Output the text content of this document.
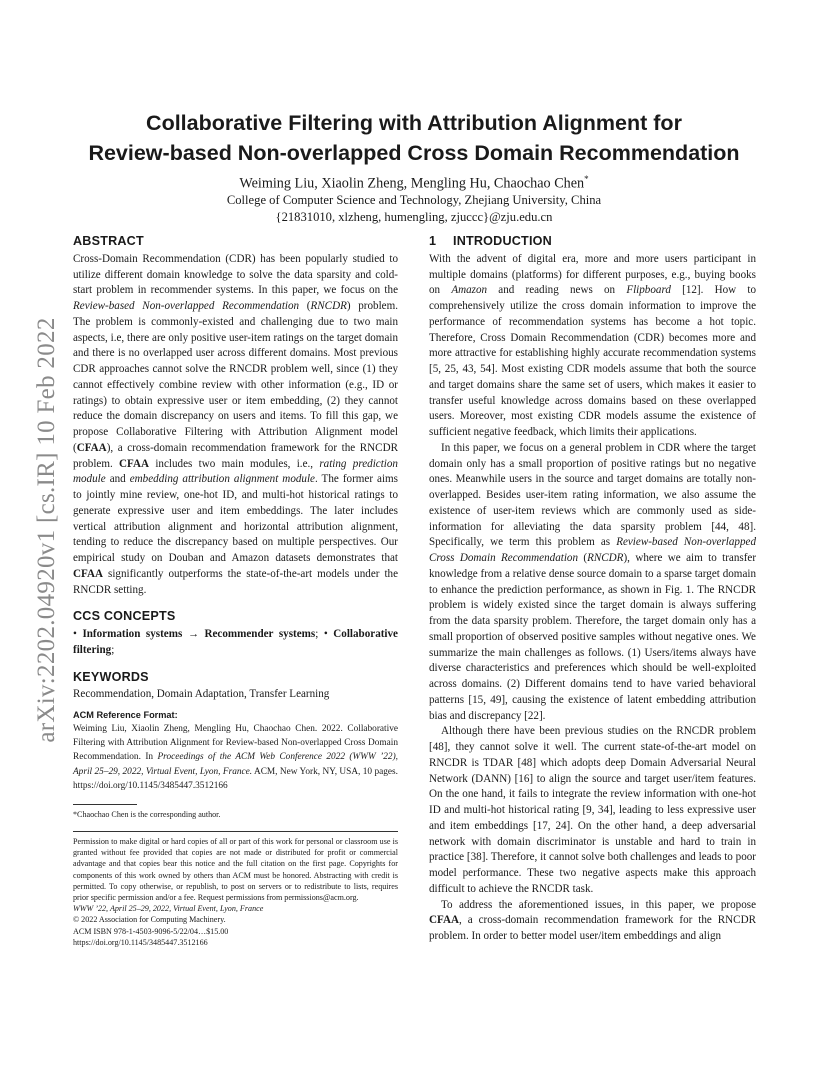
arXiv:2202.04920v1 [cs.IR] 10 Feb 2022
Collaborative Filtering with Attribution Alignment for
Review-based Non-overlapped Cross Domain Recommendation

Weiming Liu, Xiaolin Zheng, Mengling Hu, Chaochao Chen*

College of Computer Science and Technology, Zhejiang University, China
{21831010, xlzheng, humengling, zjuccc}@zju.edu.cn

ABSTRACT

Cross-Domain Recommendation (CDR) has been popularly studied to utilize different domain knowledge to solve the data sparsity and cold-start problem in recommender systems. In this paper, we focus on the Review-based Non-overlapped Recommendation (RNCDR) problem. The problem is commonly-existed and challenging due to two main aspects, i.e, there are only positive user-item ratings on the target domain and there is no overlapped user across different domains. Most previous CDR approaches cannot solve the RNCDR problem well, since (1) they cannot effectively combine review with other information (e.g., ID or ratings) to obtain expressive user or item embedding, (2) they cannot reduce the domain discrepancy on users and items. To fill this gap, we propose Collaborative Filtering with Attribution Alignment model (CFAA), a cross-domain recommendation framework for the RNCDR problem. CFAA includes two main modules, i.e., rating prediction module and embedding attribution alignment module. The former aims to jointly mine review, one-hot ID, and multi-hot historical ratings to generate expressive user and item embeddings. The later includes vertical attribution alignment and horizontal attribution alignment, tending to reduce the discrepancy based on multiple perspectives. Our empirical study on Douban and Amazon datasets demonstrates that CFAA significantly outperforms the state-of-the-art models under the RNCDR setting.

CCS CONCEPTS

• Information systems → Recommender systems; • Collaborative filtering;

KEYWORDS

Recommendation, Domain Adaptation, Transfer Learning

ACM Reference Format:

Weiming Liu, Xiaolin Zheng, Mengling Hu, Chaochao Chen. 2022. Collaborative Filtering with Attribution Alignment for Review-based Non-overlapped Cross Domain Recommendation. In Proceedings of the ACM Web Conference 2022 (WWW ’22), April 25–29, 2022, Virtual Event, Lyon, France. ACM, New York, NY, USA, 10 pages. https://doi.org/10.1145/3485447.3512166

*Chaochao Chen is the corresponding author.

Permission to make digital or hard copies of all or part of this work for personal or classroom use is granted without fee provided that copies are not made or distributed for profit or commercial advantage and that copies bear this notice and the full citation on the first page. Copyrights for components of this work owned by others than ACM must be honored. Abstracting with credit is permitted. To copy otherwise, or republish, to post on servers or to redistribute to lists, requires prior specific permission and/or a fee. Request permissions from permissions@acm.org.

WWW ’22, April 25–29, 2022, Virtual Event, Lyon, France

© 2022 Association for Computing Machinery.

ACM ISBN 978-1-4503-9096-5/22/04…$15.00

https://doi.org/10.1145/3485447.3512166

1 INTRODUCTION

With the advent of digital era, more and more users participant in multiple domains (platforms) for different purposes, e.g., buying books on Amazon and reading news on Flipboard [12]. How to comprehensively utilize the cross domain information to improve the performance of recommendation systems has become a hot topic. Therefore, Cross Domain Recommendation (CDR) becomes more and more attractive for establishing highly accurate recommendation systems [5, 25, 43, 54]. Most existing CDR models assume that both the source and target domains share the same set of users, which makes it easier to transfer useful knowledge across domains based on these overlapped users. Moreover, most existing CDR models assume the existence of sufficient negative feedback, which limits their applications.

In this paper, we focus on a general problem in CDR where the target domain only has a small proportion of positive ratings but no negative ones. Meanwhile users in the source and target domains are totally non-overlapped. Besides user-item rating information, we also assume the existence of user-item reviews which are commonly used as side-information for alleviating the data sparsity problem [44, 48]. Specifically, we term this problem as Review-based Non-overlapped Cross Domain Recommendation (RNCDR), where we aim to transfer knowledge from a relative dense source domain to a sparse target domain to enhance the prediction performance, as shown in Fig. 1. The RNCDR problem is widely existed since the target domain is always suffering from the data sparsity problem. Therefore, the target domain only has a small proportion of observed positive samples without negative ones. We summarize the main challenges as follows. (1) Users/items always have diverse characteristics and preferences which should be well-exploited across domains. (2) Different domains tend to have varied behavioral patterns [15, 49], causing the existence of latent embedding attribution bias and discrepancy [22].

Although there have been previous studies on the RNCDR problem [48], they cannot solve it well. The current state-of-the-art model on RNCDR is TDAR [48] which adopts deep Domain Adversarial Neural Network (DANN) [16] to align the source and target user/item features. On the one hand, it fails to integrate the review information with one-hot ID and multi-hot historical rating [9, 34], leading to less expressive user and item embeddings [17, 24]. On the other hand, a deep adversarial network with domain discriminator is unstable and hard to train in practice [38]. Therefore, it cannot solve both challenges and leads to poor model performance. These two negative aspects make this approach difficult to achieve the RNCDR task.

To address the aforementioned issues, in this paper, we propose CFAA, a cross-domain recommendation framework for the RNCDR problem. In order to better model user/item embeddings and align
